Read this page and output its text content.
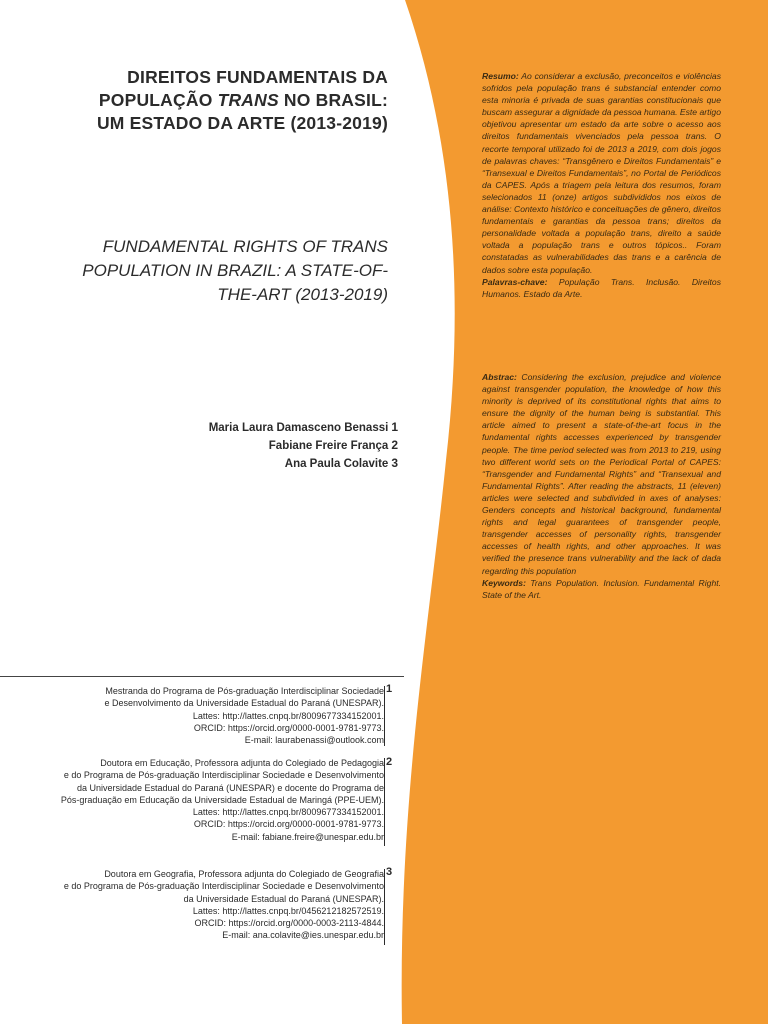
DIREITOS FUNDAMENTAIS DA
POPULAÇÃO TRANS NO BRASIL:
UM ESTADO DA ARTE (2013-2019)
FUNDAMENTAL RIGHTS OF TRANS
POPULATION IN BRAZIL: A STATE-OF-
THE-ART (2013-2019)
Maria Laura Damasceno Benassi 1
Fabiane Freire França 2
Ana Paula Colavite 3
1
Mestranda do Programa de Pós-graduação Interdisciplinar Sociedade
e Desenvolvimento da Universidade Estadual do Paraná (UNESPAR).
Lattes: http://lattes.cnpq.br/8009677334152001.
ORCID: https://orcid.org/0000-0001-9781-9773.
E-mail: laurabenassi@outlook.com
2
Doutora em Educação, Professora adjunta do Colegiado de Pedagogia
e do Programa de Pós-graduação Interdisciplinar Sociedade e Desenvolvimento
da Universidade Estadual do Paraná (UNESPAR) e docente do Programa de
Pós-graduação em Educação da Universidade Estadual de Maringá (PPE-UEM).
Lattes: http://lattes.cnpq.br/8009677334152001.
ORCID: https://orcid.org/0000-0001-9781-9773.
E-mail: fabiane.freire@unespar.edu.br
3
Doutora em Geografia, Professora adjunta do Colegiado de Geografia
e do Programa de Pós-graduação Interdisciplinar Sociedade e Desenvolvimento
da Universidade Estadual do Paraná (UNESPAR).
Lattes: http://lattes.cnpq.br/0456212182572519.
ORCID: https://orcid.org/0000-0003-2113-4844.
E-mail: ana.colavite@ies.unespar.edu.br

Resumo: Ao considerar a exclusão, preconceitos e violências sofridos pela população trans é substancial entender como esta minoria é privada de suas garantias constitucionais que buscam assegurar a dignidade da pessoa humana. Este artigo objetivou apresentar um estado da arte sobre o acesso aos direitos fundamentais vivenciados pela pessoa trans. O recorte temporal utilizado foi de 2013 a 2019, com dois jogos de palavras chaves: “Transgênero e Direitos Fundamentais” e “Transexual e Direitos Fundamentais”, no Portal de Periódicos da CAPES. Após a triagem pela leitura dos resumos, foram selecionados 11 (onze) artigos subdivididos nos eixos de análise: Contexto histórico e conceituações de gênero, direitos fundamentais e garantias da pessoa trans; direitos da personalidade voltada a população trans, direito a saúde voltada a população trans e outros tópicos.. Foram constatadas as vulnerabilidades das trans e a carência de dados sobre esta população.

Palavras-chave: População Trans. Inclusão. Direitos Humanos. Estado da Arte.

Abstrac: Considering the exclusion, prejudice and violence against transgender population, the knowledge of how this minority is deprived of its constitutional rights that aims to ensure the dignity of the human being is substantial. This article aimed to present a state-of-the-art focus in the fundamental rights accesses experienced by transgender people. The time period selected was from 2013 to 219, using two different world sets on the Periodical Portal of CAPES: “Transgender and Fundamental Rights” and “Transexual and Fundamental Rights”. After reading the abstracts, 11 (eleven) articles were selected and subdivided in axes of analyses: Genders concepts and historical background, fundamental rights and legal guarantees of transgender people, transgender accesses of personality rights, transgender accesses of health rights, and other approaches. It was verified the presence trans vulnerability and the lack of dada regarding this population

Keywords: Trans Population. Inclusion. Fundamental Right. State of the Art.
